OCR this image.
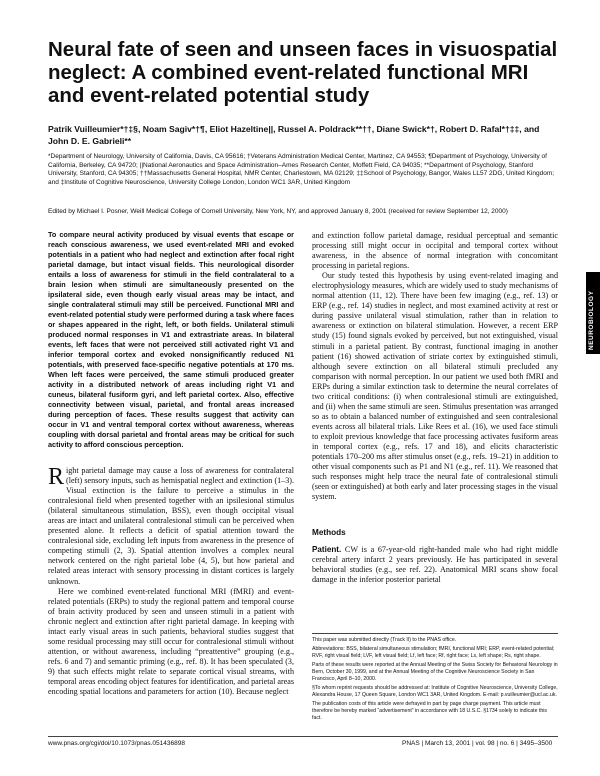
Neural fate of seen and unseen faces in visuospatial neglect: A combined event-related functional MRI and event-related potential study
Patrik Vuilleumier*†‡§, Noam Sagiv*†¶, Eliot Hazeltine||, Russel A. Poldrack**††, Diane Swick*†, Robert D. Rafal*†‡‡, and John D. E. Gabrieli**
*Department of Neurology, University of California, Davis, CA 95616; †Veterans Administration Medical Center, Martinez, CA 94553; ¶Department of Psychology, University of California, Berkeley, CA 94720; ||National Aeronautics and Space Administration–Ames Research Center, Moffett Field, CA 94035; **Department of Psychology, Stanford University, Stanford, CA 94305; ††Massachusetts General Hospital, NMR Center, Charlestown, MA 02129; ‡‡School of Psychology, Bangor, Wales LL57 2DG, United Kingdom; and ‡Institute of Cognitive Neuroscience, University College London, London WC1 3AR, United Kingdom
Edited by Michael I. Posner, Weill Medical College of Cornell University, New York, NY, and approved January 8, 2001 (received for review September 12, 2000)

To compare neural activity produced by visual events that escape or reach conscious awareness, we used event-related MRI and evoked potentials in a patient who had neglect and extinction after focal right parietal damage, but intact visual fields. This neurological disorder entails a loss of awareness for stimuli in the field contralateral to a brain lesion when stimuli are simultaneously presented on the ipsilateral side, even though early visual areas may be intact, and single contralateral stimuli may still be perceived. Functional MRI and event-related potential study were performed during a task where faces or shapes appeared in the right, left, or both fields. Unilateral stimuli produced normal responses in V1 and extrastriate areas. In bilateral events, left faces that were not perceived still activated right V1 and inferior temporal cortex and evoked nonsignificantly reduced N1 potentials, with preserved face-specific negative potentials at 170 ms. When left faces were perceived, the same stimuli produced greater activity in a distributed network of areas including right V1 and cuneus, bilateral fusiform gyri, and left parietal cortex. Also, effective connectivity between visual, parietal, and frontal areas increased during perception of faces. These results suggest that activity can occur in V1 and ventral temporal cortex without awareness, whereas coupling with dorsal parietal and frontal areas may be critical for such activity to afford conscious perception.

Right parietal damage may cause a loss of awareness for contralateral (left) sensory inputs, such as hemispatial neglect and extinction (1–3). Visual extinction is the failure to perceive a stimulus in the contralesional field when presented together with an ipsilesional stimulus (bilateral simultaneous stimulation, BSS), even though occipital visual areas are intact and unilateral contralesional stimuli can be perceived when presented alone. It reflects a deficit of spatial attention toward the contralesional side, excluding left inputs from awareness in the presence of competing stimuli (2, 3). Spatial attention involves a complex neural network centered on the right parietal lobe (4, 5), but how parietal and related areas interact with sensory processing in distant cortices is largely unknown.

Here we combined event-related functional MRI (fMRI) and event-related potentials (ERPs) to study the regional pattern and temporal course of brain activity produced by seen and unseen stimuli in a patient with chronic neglect and extinction after right parietal damage. In keeping with intact early visual areas in such patients, behavioral studies suggest that some residual processing may still occur for contralesional stimuli without attention, or without awareness, including “preattentive” grouping (e.g., refs. 6 and 7) and semantic priming (e.g., ref. 8). It has been speculated (3, 9) that such effects might relate to separate cortical visual streams, with temporal areas encoding object features for identification, and parietal areas encoding spatial locations and parameters for action (10). Because neglect

and extinction follow parietal damage, residual perceptual and semantic processing still might occur in occipital and temporal cortex without awareness, in the absence of normal integration with concomitant processing in parietal regions.

Our study tested this hypothesis by using event-related imaging and electrophysiology measures, which are widely used to study mechanisms of normal attention (11, 12). There have been few imaging (e.g., ref. 13) or ERP (e.g., ref. 14) studies in neglect, and most examined activity at rest or during passive unilateral visual stimulation, rather than in relation to awareness or extinction on bilateral stimulation. However, a recent ERP study (15) found signals evoked by perceived, but not extinguished, visual stimuli in a parietal patient. By contrast, functional imaging in another patient (16) showed activation of striate cortex by extinguished stimuli, although severe extinction on all bilateral stimuli precluded any comparison with normal perception. In our patient we used both fMRI and ERPs during a similar extinction task to determine the neural correlates of two critical conditions: (i) when contralesional stimuli are extinguished, and (ii) when the same stimuli are seen. Stimulus presentation was arranged so as to obtain a balanced number of extinguished and seen contralesional events across all bilateral trials. Like Rees et al. (16), we used face stimuli to exploit previous knowledge that face processing activates fusiform areas in temporal cortex (e.g., refs. 17 and 18), and elicits characteristic potentials 170–200 ms after stimulus onset (e.g., refs. 19–21) in addition to other visual components such as P1 and N1 (e.g., ref. 11). We reasoned that such responses might help trace the neural fate of contralesional stimuli (seen or extinguished) at both early and later processing stages in the visual system.

Methods
Patient. CW is a 67-year-old right-handed male who had right middle cerebral artery infarct 2 years previously. He has participated in several behavioral studies (e.g., see ref. 22). Anatomical MRI scans show focal damage in the inferior posterior parietal

This paper was submitted directly (Track II) to the PNAS office.

Abbreviations: BSS, bilateral simultaneous stimulation; fMRI, functional MRI; ERP, event-related potential; RVF, right visual field; LVF, left visual field; Lf, left face; Rf, right face; Ls, left shape; Rs, right shape.

Parts of these results were reported at the Annual Meeting of the Swiss Society for Behavioral Neurology in Bern, October 30, 1999, and at the Annual Meeting of the Cognitive Neuroscience Society in San Francisco, April 8–10, 2000.

§To whom reprint requests should be addressed at: Institute of Cognitive Neuroscience, University College, Alexandra House, 17 Queen Square, London WC1 3AR, United Kingdom. E-mail: p.vuilleumier@ucl.ac.uk.

The publication costs of this article were defrayed in part by page charge payment. This article must therefore be hereby marked “advertisement” in accordance with 18 U.S.C. §1734 solely to indicate this fact.

www.pnas.org/cgi/doi/10.1073/pnas.051436898	PNAS | March 13, 2001 | vol. 98 | no. 6 | 3495–3500
NEUROBIOLOGY
